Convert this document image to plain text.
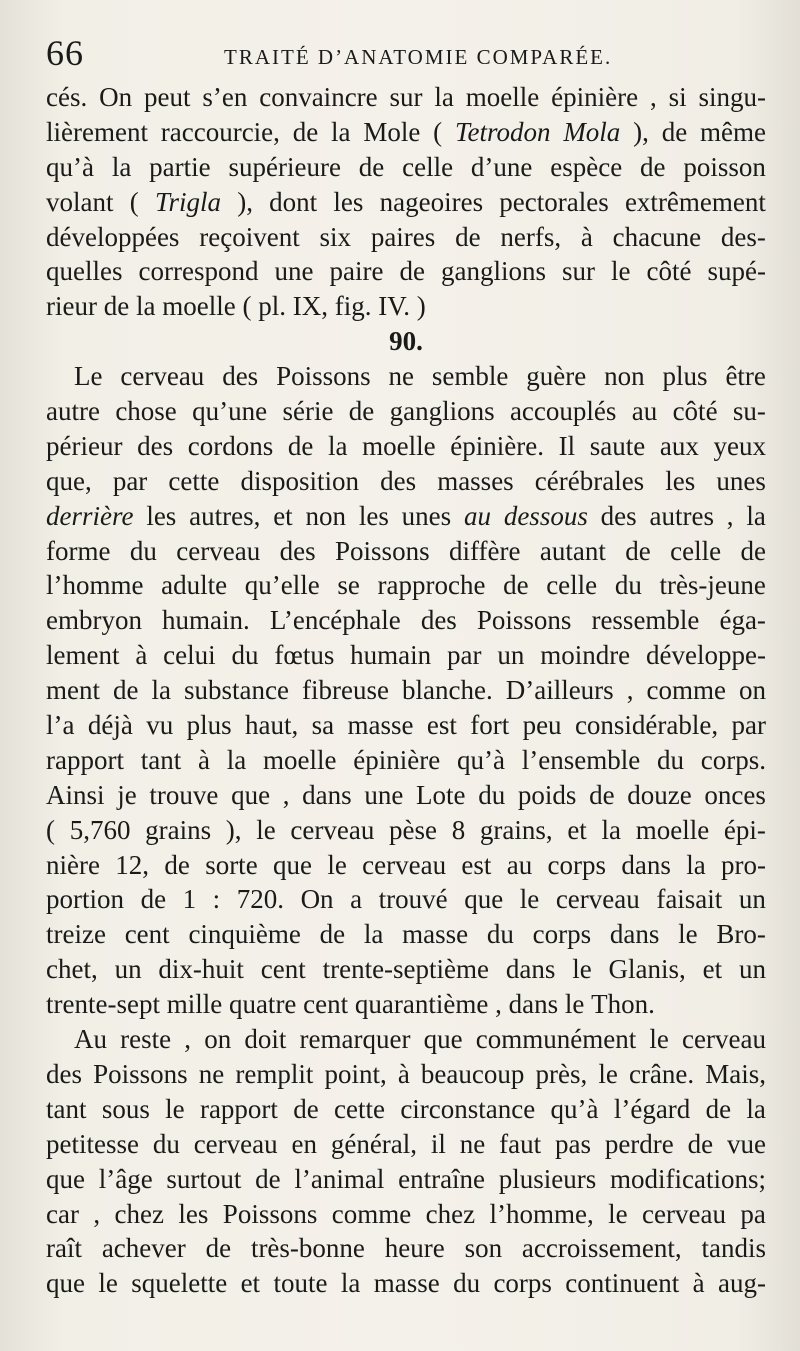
66	TRAITÉ D’ANATOMIE COMPARÉE.
cés. On peut s’en convaincre sur la moelle épinière , si singu-
lièrement raccourcie, de la Mole ( Tetrodon Mola ), de même
qu’à la partie supérieure de celle d’une espèce de poisson
volant ( Trigla ), dont les nageoires pectorales extrêmement
développées reçoivent six paires de nerfs, à chacune des-
quelles correspond une paire de ganglions sur le côté supé-
rieur de la moelle ( pl. IX, fig. IV. )
90.
Le cerveau des Poissons ne semble guère non plus être
autre chose qu’une série de ganglions accouplés au côté su-
périeur des cordons de la moelle épinière. Il saute aux yeux
que, par cette disposition des masses cérébrales les unes
derrière les autres, et non les unes au dessous des autres , la
forme du cerveau des Poissons diffère autant de celle de
l’homme adulte qu’elle se rapproche de celle du très-jeune
embryon humain. L’encéphale des Poissons ressemble éga-
lement à celui du fœtus humain par un moindre développe-
ment de la substance fibreuse blanche. D’ailleurs , comme on
l’a déjà vu plus haut, sa masse est fort peu considérable, par
rapport tant à la moelle épinière qu’à l’ensemble du corps.
Ainsi je trouve que , dans une Lote du poids de douze onces
( 5,760 grains ), le cerveau pèse 8 grains, et la moelle épi-
nière 12, de sorte que le cerveau est au corps dans la pro-
portion de 1 : 720. On a trouvé que le cerveau faisait un
treize cent cinquième de la masse du corps dans le Bro-
chet, un dix-huit cent trente-septième dans le Glanis, et un
trente-sept mille quatre cent quarantième , dans le Thon.
Au reste , on doit remarquer que communément le cerveau
des Poissons ne remplit point, à beaucoup près, le crâne. Mais,
tant sous le rapport de cette circonstance qu’à l’égard de la
petitesse du cerveau en général, il ne faut pas perdre de vue
que l’âge surtout de l’animal entraîne plusieurs modifications;
car , chez les Poissons comme chez l’homme, le cerveau pa
raît achever de très-bonne heure son accroissement, tandis
que le squelette et toute la masse du corps continuent à aug-
